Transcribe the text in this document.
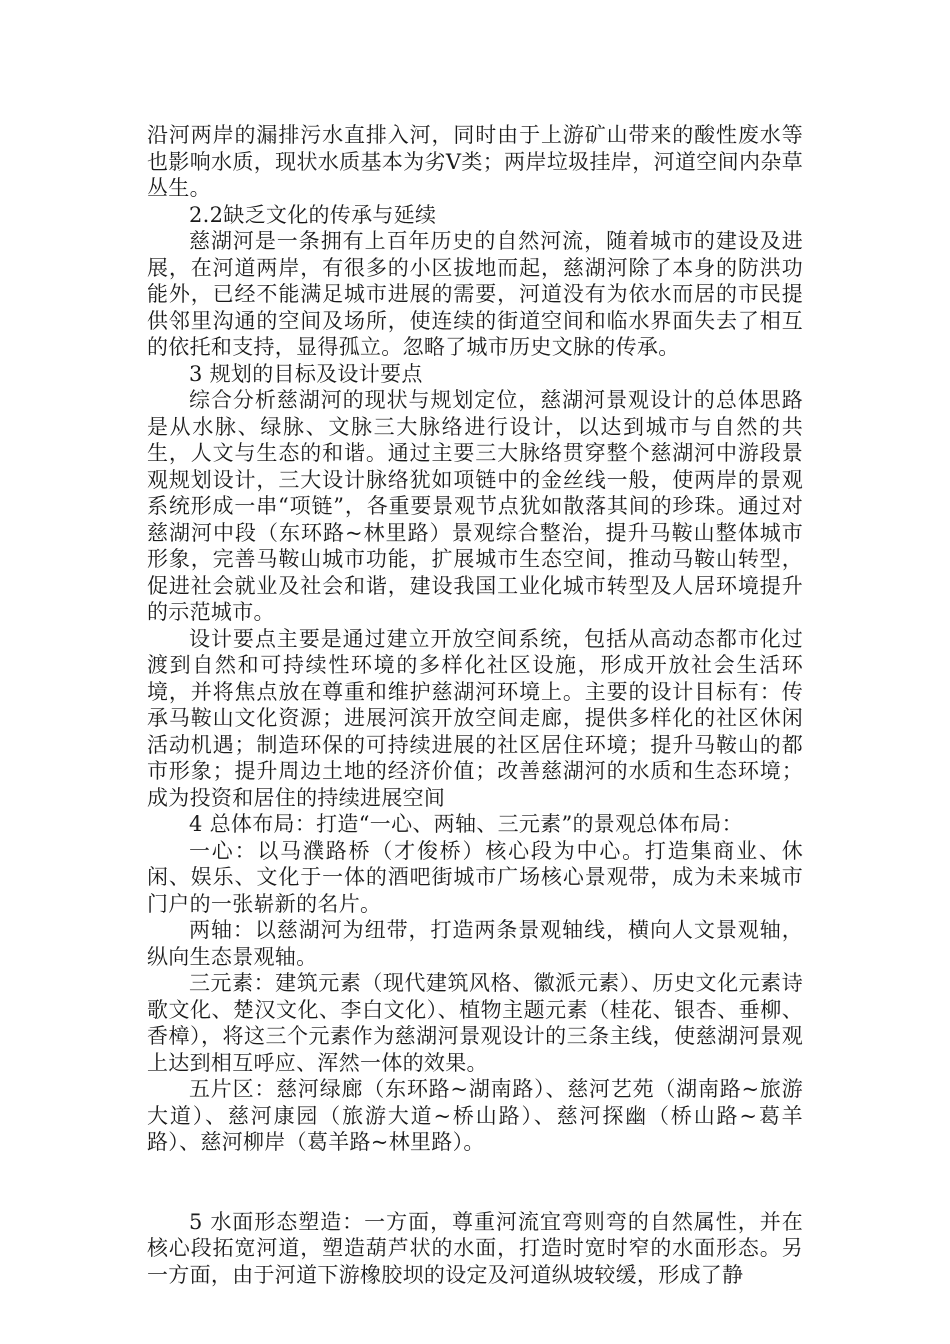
沿河两岸的漏排污水直排入河，同时由于上游矿山带来的酸性废水等也影响水质，现状水质基本为劣Ⅴ类；两岸垃圾挂岸，河道空间内杂草丛生。

2.2缺乏文化的传承与延续

慈湖河是一条拥有上百年历史的自然河流，随着城市的建设及进展，在河道两岸，有很多的小区拔地而起，慈湖河除了本身的防洪功能外，已经不能满足城市进展的需要，河道没有为依水而居的市民提供邻里沟通的空间及场所，使连续的街道空间和临水界面失去了相互的依托和支持，显得孤立。忽略了城市历史文脉的传承。

3 规划的目标及设计要点

综合分析慈湖河的现状与规划定位，慈湖河景观设计的总体思路是从水脉、绿脉、文脉三大脉络进行设计，以达到城市与自然的共生，人文与生态的和谐。通过主要三大脉络贯穿整个慈湖河中游段景观规划设计，三大设计脉络犹如项链中的金丝线一般，使两岸的景观系统形成一串“项链”，各重要景观节点犹如散落其间的珍珠。通过对慈湖河中段（东环路~林里路）景观综合整治，提升马鞍山整体城市形象，完善马鞍山城市功能，扩展城市生态空间，推动马鞍山转型，促进社会就业及社会和谐，建设我国工业化城市转型及人居环境提升的示范城市。

设计要点主要是通过建立开放空间系统，包括从高动态都市化过渡到自然和可持续性环境的多样化社区设施，形成开放社会生活环境，并将焦点放在尊重和维护慈湖河环境上。主要的设计目标有：传承马鞍山文化资源；进展河滨开放空间走廊，提供多样化的社区休闲活动机遇；制造环保的可持续进展的社区居住环境；提升马鞍山的都市形象；提升周边土地的经济价值；改善慈湖河的水质和生态环境；成为投资和居住的持续进展空间

4 总体布局：打造“一心、两轴、三元素”的景观总体布局：

一心：以马濮路桥（才俊桥）核心段为中心。打造集商业、休闲、娱乐、文化于一体的酒吧街城市广场核心景观带，成为未来城市门户的一张崭新的名片。

两轴：以慈湖河为纽带，打造两条景观轴线，横向人文景观轴，纵向生态景观轴。

三元素：建筑元素（现代建筑风格、徽派元素）、历史文化元素诗歌文化、楚汉文化、李白文化）、植物主题元素（桂花、银杏、垂柳、香樟），将这三个元素作为慈湖河景观设计的三条主线，使慈湖河景观上达到相互呼应、浑然一体的效果。

五片区：慈河绿廊（东环路~湖南路）、慈河艺苑（湖南路~旅游大道）、慈河康园（旅游大道~桥山路）、慈河探幽（桥山路~葛羊路）、慈河柳岸（葛羊路~林里路）。

5 水面形态塑造：一方面，尊重河流宜弯则弯的自然属性，并在核心段拓宽河道，塑造葫芦状的水面，打造时宽时窄的水面形态。另一方面，由于河道下游橡胶坝的设定及河道纵坡较缓，形成了静
